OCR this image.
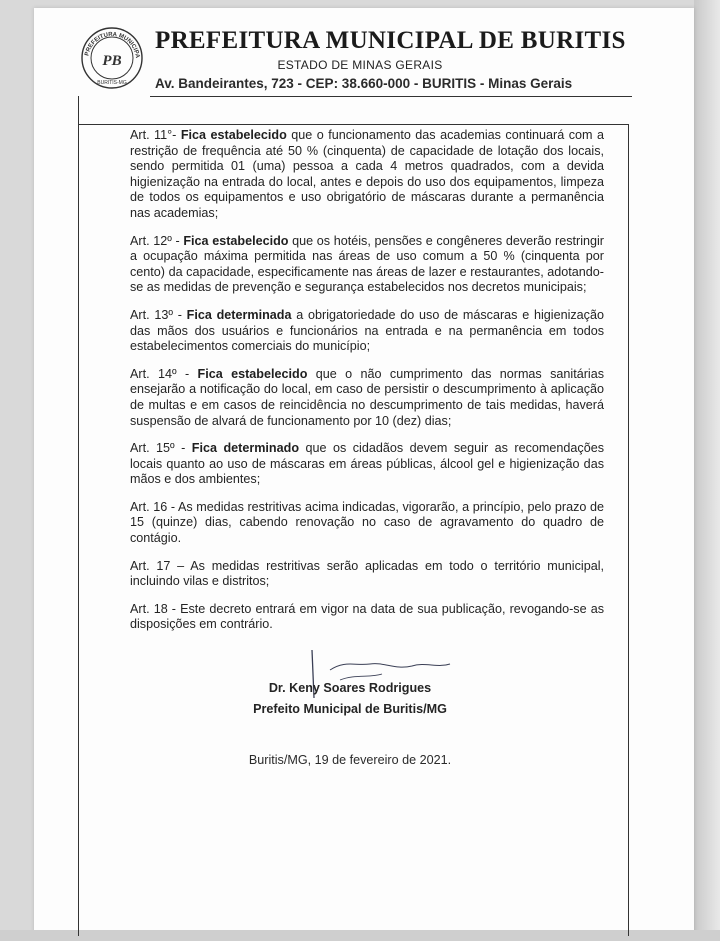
PREFEITURA MUNICIPA
PB
BURITIS-MG
PREFEITURA MUNICIPAL DE BURITIS
ESTADO DE MINAS GERAIS
Av. Bandeirantes, 723 - CEP: 38.660-000 - BURITIS - Minas Gerais

Art. 11°- Fica estabelecido que o funcionamento das academias continuará com a restrição de frequência até 50 % (cinquenta) de capacidade de lotação dos locais, sendo permitida 01 (uma) pessoa a cada 4 metros quadrados, com a devida higienização na entrada do local, antes e depois do uso dos equipamentos, limpeza de todos os equipamentos e uso obrigatório de máscaras durante a permanência nas academias;

Art. 12º - Fica estabelecido que os hotéis, pensões e congêneres deverão restringir a ocupação máxima permitida nas áreas de uso comum a 50 % (cinquenta por cento) da capacidade, especificamente nas áreas de lazer e restaurantes, adotando-se as medidas de prevenção e segurança estabelecidos nos decretos municipais;

Art. 13º - Fica determinada a obrigatoriedade do uso de máscaras e higienização das mãos dos usuários e funcionários na entrada e na permanência em todos estabelecimentos comerciais do município;

Art. 14º - Fica estabelecido que o não cumprimento das normas sanitárias ensejarão a notificação do local, em caso de persistir o descumprimento à aplicação de multas e em casos de reincidência no descumprimento de tais medidas, haverá suspensão de alvará de funcionamento por 10 (dez) dias;

Art. 15º - Fica determinado que os cidadãos devem seguir as recomendações locais quanto ao uso de máscaras em áreas públicas, álcool gel e higienização das mãos e dos ambientes;

Art. 16 - As medidas restritivas acima indicadas, vigorarão, a princípio, pelo prazo de 15 (quinze) dias, cabendo renovação no caso de agravamento do quadro de contágio.

Art. 17 – As medidas restritivas serão aplicadas em todo o território municipal, incluindo vilas e distritos;

Art. 18 - Este decreto entrará em vigor na data de sua publicação, revogando-se as disposições em contrário.

Dr. Keny Soares Rodrigues
Prefeito Municipal de Buritis/MG
Buritis/MG, 19 de fevereiro de 2021.
